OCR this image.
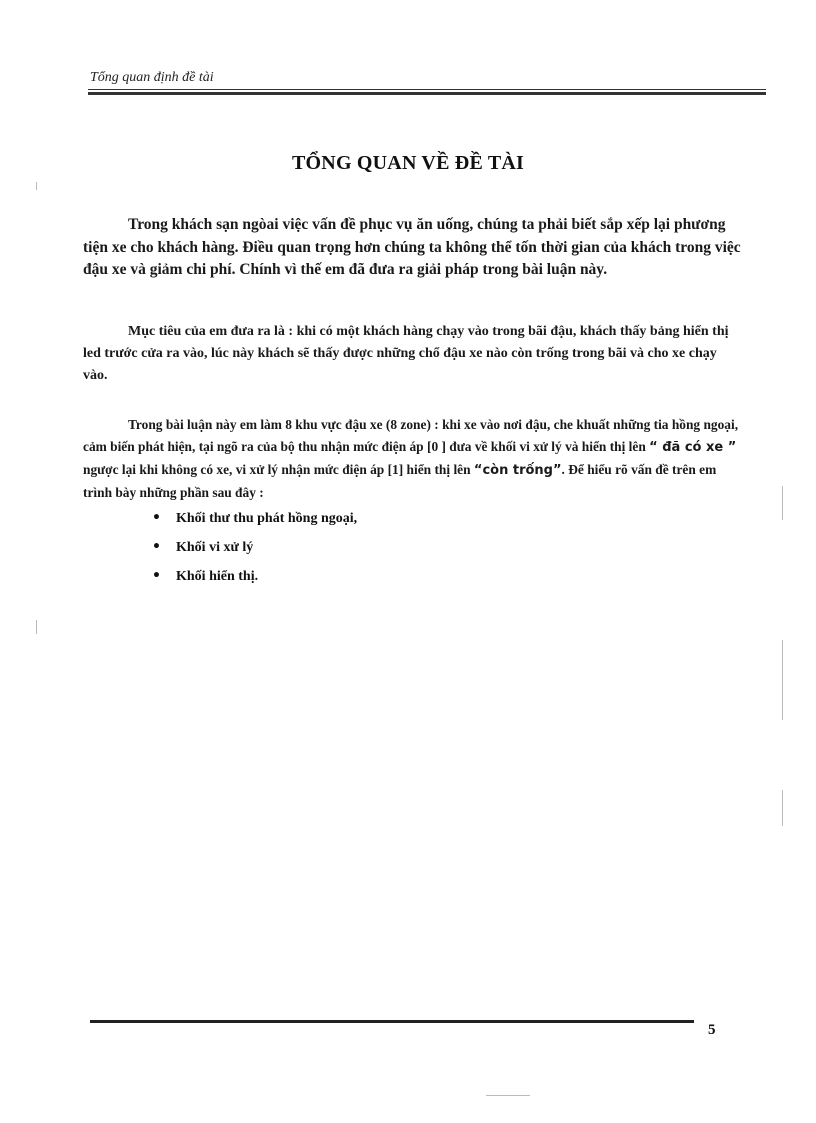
Tổng quan định đề tài
TỔNG QUAN VỀ ĐỀ TÀI

Trong khách sạn ngòai việc vấn đề phục vụ ăn uống, chúng ta phải biết sắp xếp lại phương tiện xe cho khách hàng. Điều quan trọng hơn chúng ta không thể tốn thời gian của khách trong việc đậu xe và giảm chi phí. Chính vì thế em đã đưa ra giải pháp trong bài luận này.

Mục tiêu của em đưa ra là : khi có một khách hàng chạy vào trong bãi đậu, khách thấy bảng hiển thị led trước cửa ra vào, lúc này khách sẽ thấy được những chổ đậu xe nào còn trống trong bãi và cho xe chạy vào.

Trong bài luận này em làm 8 khu vực đậu xe (8 zone) : khi xe vào nơi đậu, che khuất những tia hồng ngoại, cảm biến phát hiện, tại ngõ ra của bộ thu nhận mức điện áp [0 ] đưa về khối vi xử lý và hiển thị lên “ đã có xe ” ngược lại khi không có xe, vi xử lý nhận mức điện áp [1] hiển thị lên “còn trống”. Để hiểu rõ vấn đề trên em trình bày những phần sau đây :

• Khối thư thu phát hồng ngoại,
• Khối vi xử lý
• Khối hiển thị.
5
